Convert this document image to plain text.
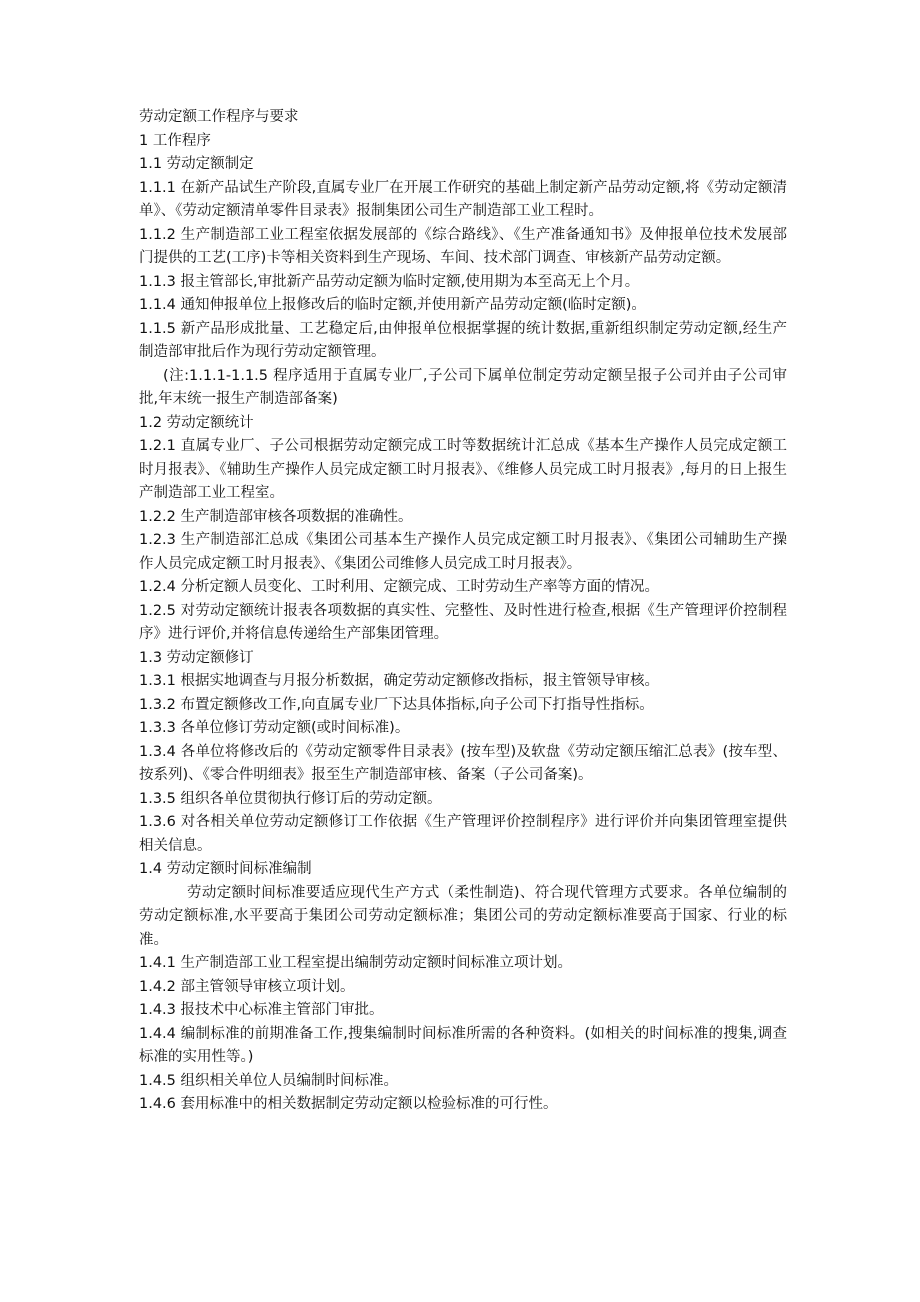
劳动定额工作程序与要求

1 工作程序

1.1 劳动定额制定

1.1.1 在新产品试生产阶段,直属专业厂在开展工作研究的基础上制定新产品劳动定额,将《劳动定额清单》、《劳动定额清单零件目录表》报制集团公司生产制造部工业工程时。

1.1.2 生产制造部工业工程室依据发展部的《综合路线》、《生产准备通知书》及伸报单位技术发展部门提供的工艺(工序)卡等相关资料到生产现场、车间、技术部门调查、审核新产品劳动定额。

1.1.3 报主管部长,审批新产品劳动定额为临时定额,使用期为本至高无上个月。

1.1.4 通知伸报单位上报修改后的临时定额,并使用新产品劳动定额(临时定额)。

1.1.5 新产品形成批量、工艺稳定后,由伸报单位根据掌握的统计数据,重新组织制定劳动定额,经生产制造部审批后作为现行劳动定额管理。

(注:1.1.1-1.1.5 程序适用于直属专业厂,子公司下属单位制定劳动定额呈报子公司并由子公司审批,年末统一报生产制造部备案)

1.2 劳动定额统计

1.2.1 直属专业厂、子公司根据劳动定额完成工时等数据统计汇总成《基本生产操作人员完成定额工时月报表》、《辅助生产操作人员完成定额工时月报表》、《维修人员完成工时月报表》,每月的日上报生产制造部工业工程室。

1.2.2 生产制造部审核各项数据的准确性。

1.2.3 生产制造部汇总成《集团公司基本生产操作人员完成定额工时月报表》、《集团公司辅助生产操作人员完成定额工时月报表》、《集团公司维修人员完成工时月报表》。

1.2.4 分析定额人员变化、工时利用、定额完成、工时劳动生产率等方面的情况。

1.2.5 对劳动定额统计报表各项数据的真实性、完整性、及时性进行检查,根据《生产管理评价控制程序》进行评价,并将信息传递给生产部集团管理。

1.3 劳动定额修订

1.3.1 根据实地调查与月报分析数据，确定劳动定额修改指标，报主管领导审核。

1.3.2 布置定额修改工作,向直属专业厂下达具体指标,向子公司下打指导性指标。

1.3.3 各单位修订劳动定额(或时间标准)。

1.3.4 各单位将修改后的《劳动定额零件目录表》(按车型)及软盘《劳动定额压缩汇总表》(按车型、按系列)、《零合件明细表》报至生产制造部审核、备案（子公司备案)。

1.3.5 组织各单位贯彻执行修订后的劳动定额。

1.3.6 对各相关单位劳动定额修订工作依据《生产管理评价控制程序》进行评价并向集团管理室提供相关信息。

1.4 劳动定额时间标准编制

劳动定额时间标准要适应现代生产方式（柔性制造)、符合现代管理方式要求。各单位编制的劳动定额标准,水平要高于集团公司劳动定额标准；集团公司的劳动定额标准要高于国家、行业的标准。

1.4.1 生产制造部工业工程室提出编制劳动定额时间标准立项计划。

1.4.2 部主管领导审核立项计划。

1.4.3 报技术中心标准主管部门审批。

1.4.4 编制标准的前期准备工作,搜集编制时间标准所需的各种资料。(如相关的时间标准的搜集,调查标准的实用性等。)

1.4.5 组织相关单位人员编制时间标准。

1.4.6 套用标准中的相关数据制定劳动定额以检验标准的可行性。
